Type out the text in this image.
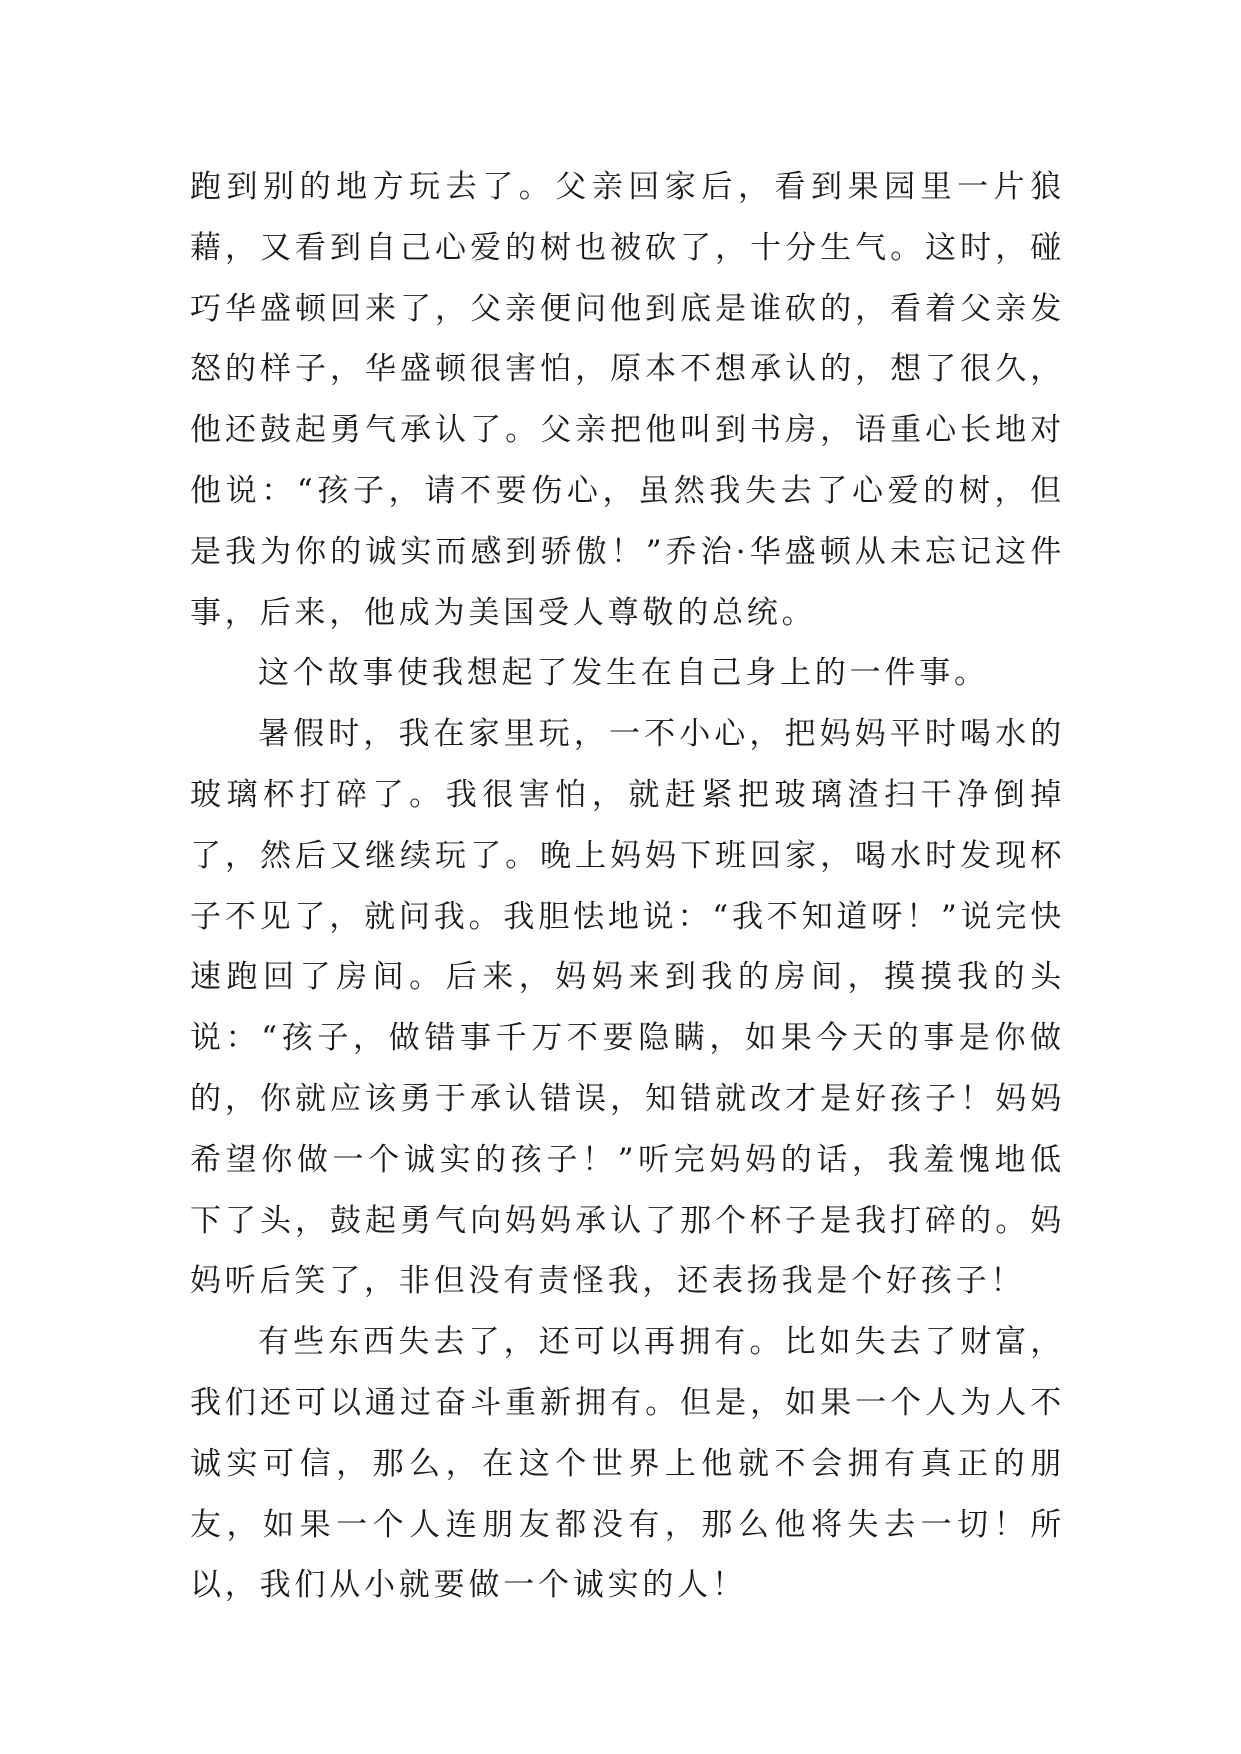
跑到别的地方玩去了。父亲回家后，看到果园里一片狼藉，又看到自己心爱的树也被砍了，十分生气。这时，碰巧华盛顿回来了，父亲便问他到底是谁砍的，看着父亲发怒的样子，华盛顿很害怕，原本不想承认的，想了很久，他还鼓起勇气承认了。父亲把他叫到书房，语重心长地对他说：“孩子，请不要伤心，虽然我失去了心爱的树，但是我为你的诚实而感到骄傲！”乔治·华盛顿从未忘记这件事，后来，他成为美国受人尊敬的总统。

这个故事使我想起了发生在自己身上的一件事。

暑假时，我在家里玩，一不小心，把妈妈平时喝水的玻璃杯打碎了。我很害怕，就赶紧把玻璃渣扫干净倒掉了，然后又继续玩了。晚上妈妈下班回家，喝水时发现杯子不见了，就问我。我胆怯地说：“我不知道呀！”说完快速跑回了房间。后来，妈妈来到我的房间，摸摸我的头说：“孩子，做错事千万不要隐瞒，如果今天的事是你做的，你就应该勇于承认错误，知错就改才是好孩子！妈妈希望你做一个诚实的孩子！”听完妈妈的话，我羞愧地低下了头，鼓起勇气向妈妈承认了那个杯子是我打碎的。妈妈听后笑了，非但没有责怪我，还表扬我是个好孩子！

有些东西失去了，还可以再拥有。比如失去了财富，我们还可以通过奋斗重新拥有。但是，如果一个人为人不诚实可信，那么，在这个世界上他就不会拥有真正的朋友，如果一个人连朋友都没有，那么他将失去一切！所以，我们从小就要做一个诚实的人！
